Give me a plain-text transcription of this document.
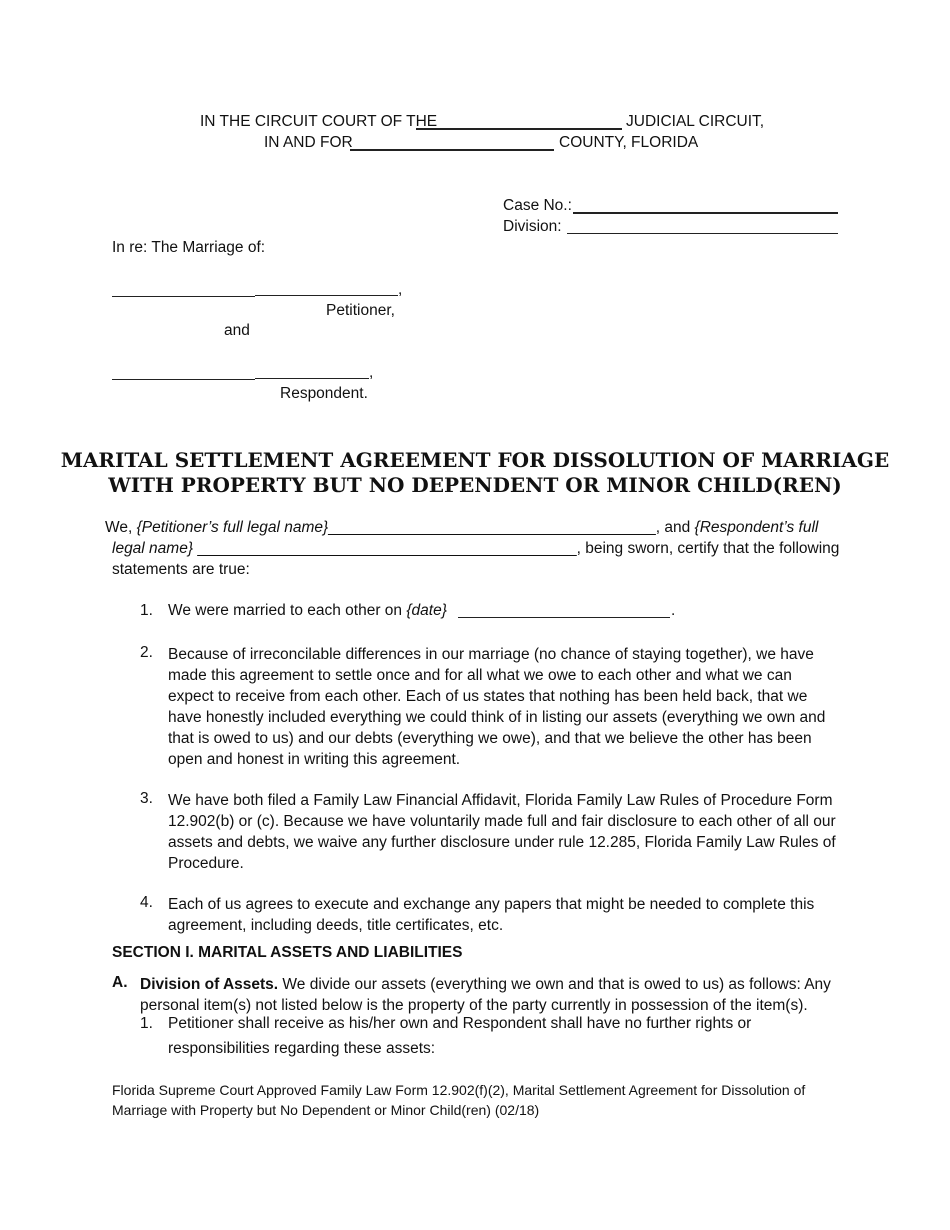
IN THE CIRCUIT COURT OF THE	JUDICIAL CIRCUIT,
IN AND FOR	COUNTY, FLORIDA
Case No.:
Division:
In re: The Marriage of:
,
Petitioner,
and
,
Respondent.
MARITAL SETTLEMENT AGREEMENT FOR DISSOLUTION OF MARRIAGE
WITH PROPERTY BUT NO DEPENDENT OR MINOR CHILD(REN)
We, {Petitioner’s full legal name}______________________________________, and {Respondent’s full
legal name} ____________________________________________, being sworn, certify that the following
statements are true:
1. We were married to each other on {date}	.
2. Because of irreconcilable differences in our marriage (no chance of staying together), we have made this agreement to settle once and for all what we owe to each other and what we can expect to receive from each other. Each of us states that nothing has been held back, that we have honestly included everything we could think of in listing our assets (everything we own and that is owed to us) and our debts (everything we owe), and that we believe the other has been open and honest in writing this agreement.
3. We have both filed a Family Law Financial Affidavit, Florida Family Law Rules of Procedure Form 12.902(b) or (c). Because we have voluntarily made full and fair disclosure to each other of all our assets and debts, we waive any further disclosure under rule 12.285, Florida Family Law Rules of Procedure.
4. Each of us agrees to execute and exchange any papers that might be needed to complete this agreement, including deeds, title certificates, etc.
SECTION I. MARITAL ASSETS AND LIABILITIES
A. Division of Assets. We divide our assets (everything we own and that is owed to us) as follows: Any personal item(s) not listed below is the property of the party currently in possession of the item(s).
1. Petitioner shall receive as his/her own and Respondent shall have no further rights or
responsibilities regarding these assets:
Florida Supreme Court Approved Family Law Form 12.902(f)(2), Marital Settlement Agreement for Dissolution of Marriage with Property but No Dependent or Minor Child(ren) (02/18)
